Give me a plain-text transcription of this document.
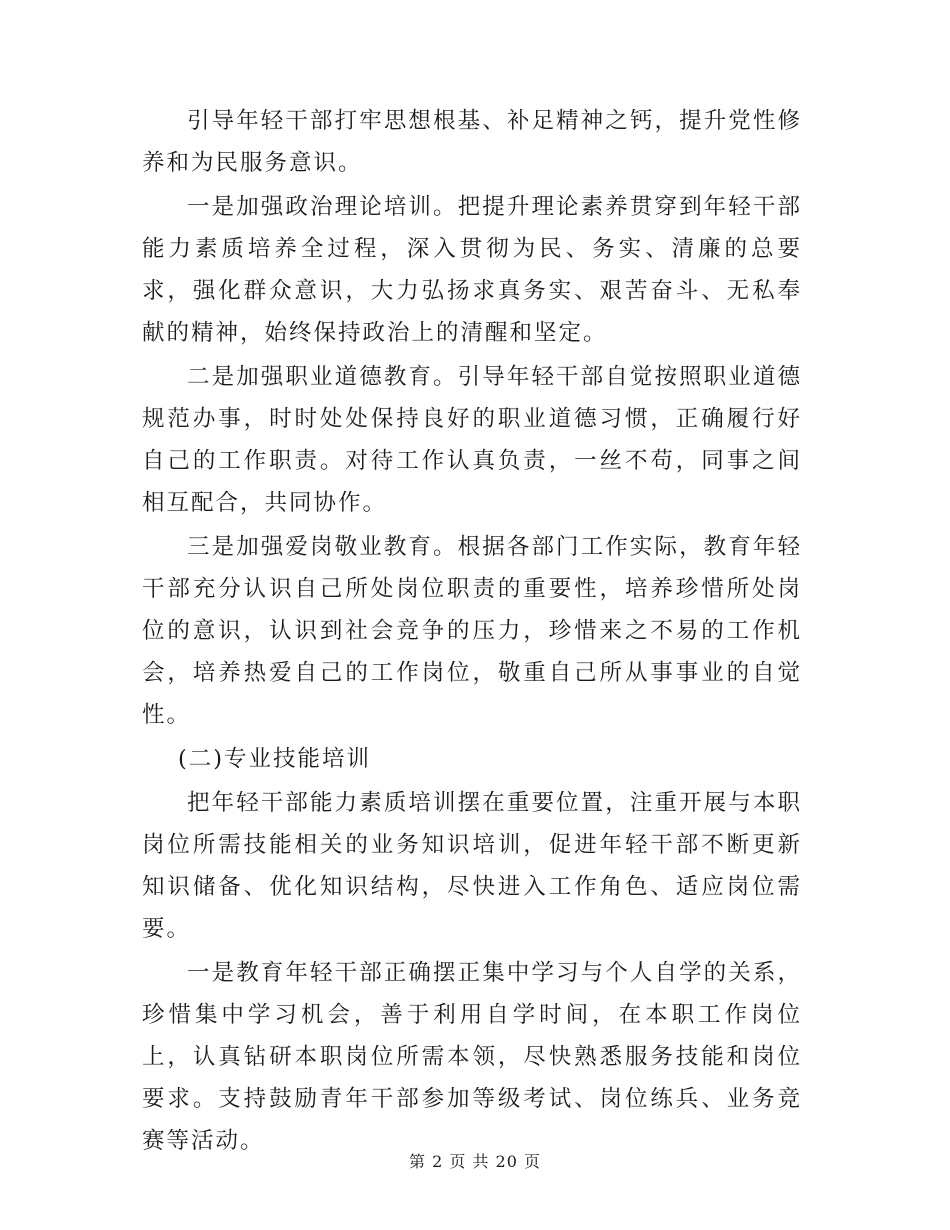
引导年轻干部打牢思想根基、补足精神之钙，提升党性修养和为民服务意识。

一是加强政治理论培训。把提升理论素养贯穿到年轻干部能力素质培养全过程，深入贯彻为民、务实、清廉的总要求，强化群众意识，大力弘扬求真务实、艰苦奋斗、无私奉献的精神，始终保持政治上的清醒和坚定。

二是加强职业道德教育。引导年轻干部自觉按照职业道德规范办事，时时处处保持良好的职业道德习惯，正确履行好自己的工作职责。对待工作认真负责，一丝不苟，同事之间相互配合，共同协作。

三是加强爱岗敬业教育。根据各部门工作实际，教育年轻干部充分认识自己所处岗位职责的重要性，培养珍惜所处岗位的意识，认识到社会竞争的压力，珍惜来之不易的工作机会，培养热爱自己的工作岗位，敬重自己所从事事业的自觉性。

(二)专业技能培训

把年轻干部能力素质培训摆在重要位置，注重开展与本职岗位所需技能相关的业务知识培训，促进年轻干部不断更新知识储备、优化知识结构，尽快进入工作角色、适应岗位需要。

一是教育年轻干部正确摆正集中学习与个人自学的关系，珍惜集中学习机会，善于利用自学时间，在本职工作岗位上，认真钻研本职岗位所需本领，尽快熟悉服务技能和岗位要求。支持鼓励青年干部参加等级考试、岗位练兵、业务竞赛等活动。

第 2 页 共 20 页
